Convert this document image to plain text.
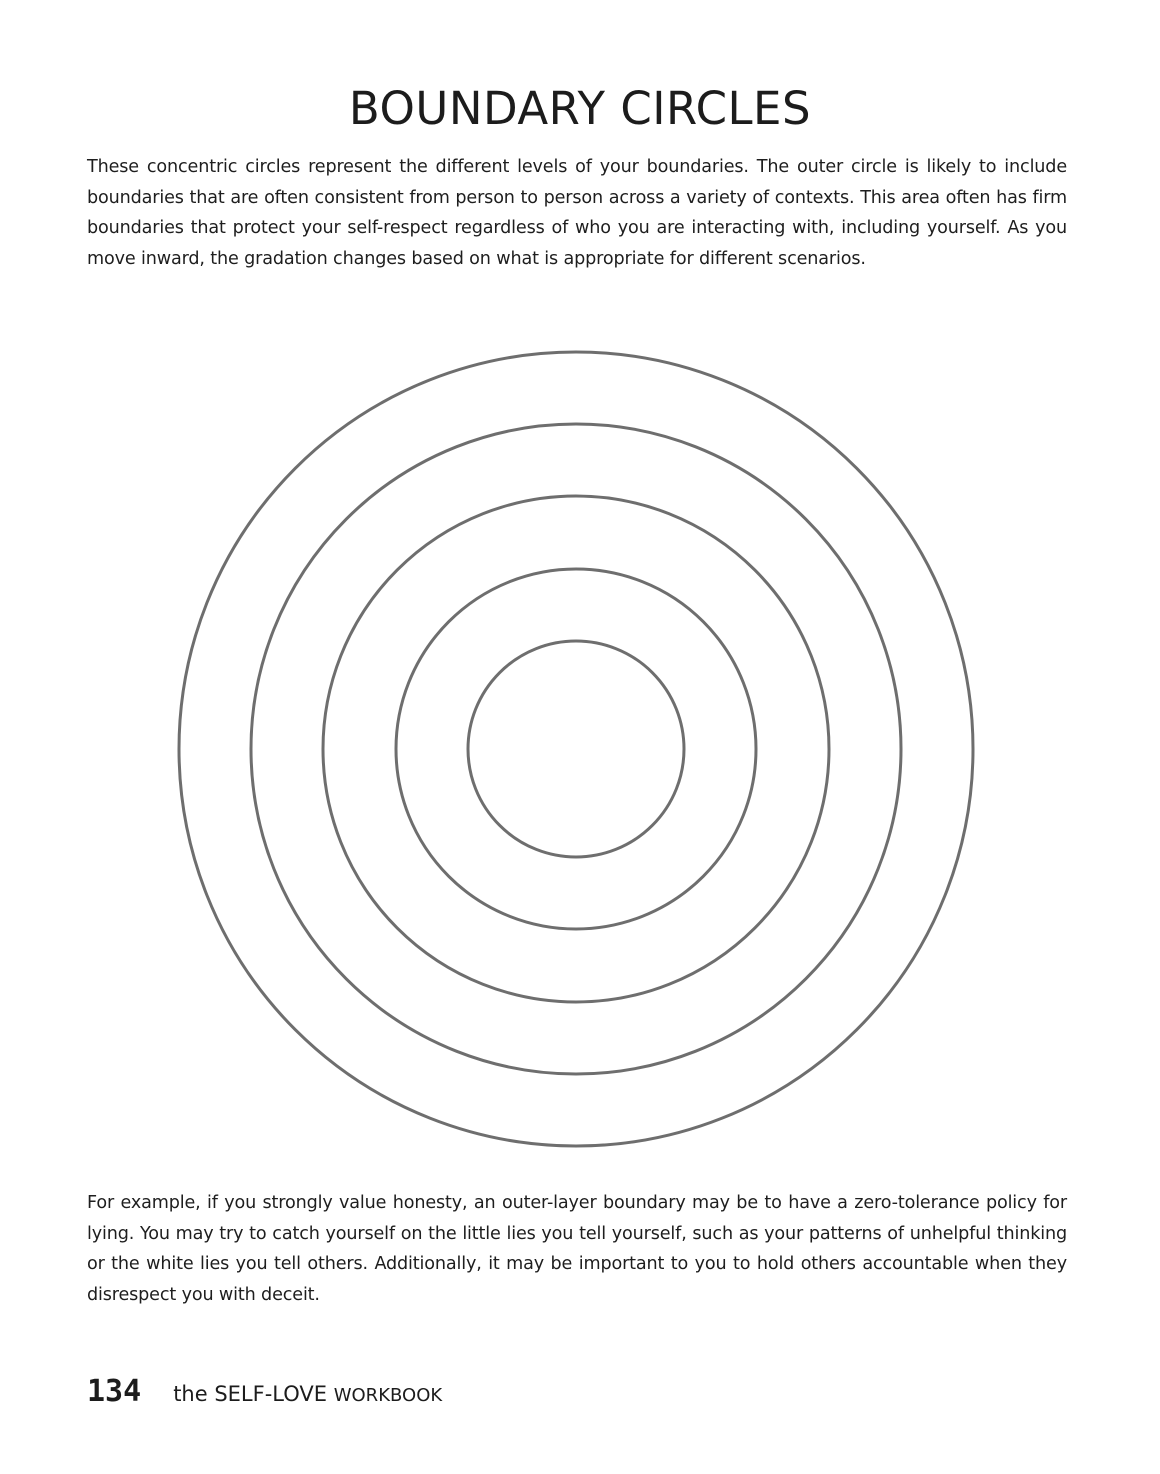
BOUNDARY CIRCLES

These concentric circles represent the different levels of your boundaries. The outer circle is likely to include boundaries that are often consistent from person to person across a variety of contexts. This area often has firm boundaries that protect your self-respect regardless of who you are interacting with, including yourself. As you move inward, the gradation changes based on what is appropriate for different scenarios.

For example, if you strongly value honesty, an outer-layer boundary may be to have a zero-tolerance policy for lying. You may try to catch yourself on the little lies you tell yourself, such as your patterns of unhelpful thinking or the white lies you tell others. Additionally, it may be important to you to hold others accountable when they disrespect you with deceit.

134 the SELF-LOVE WORKBOOK
